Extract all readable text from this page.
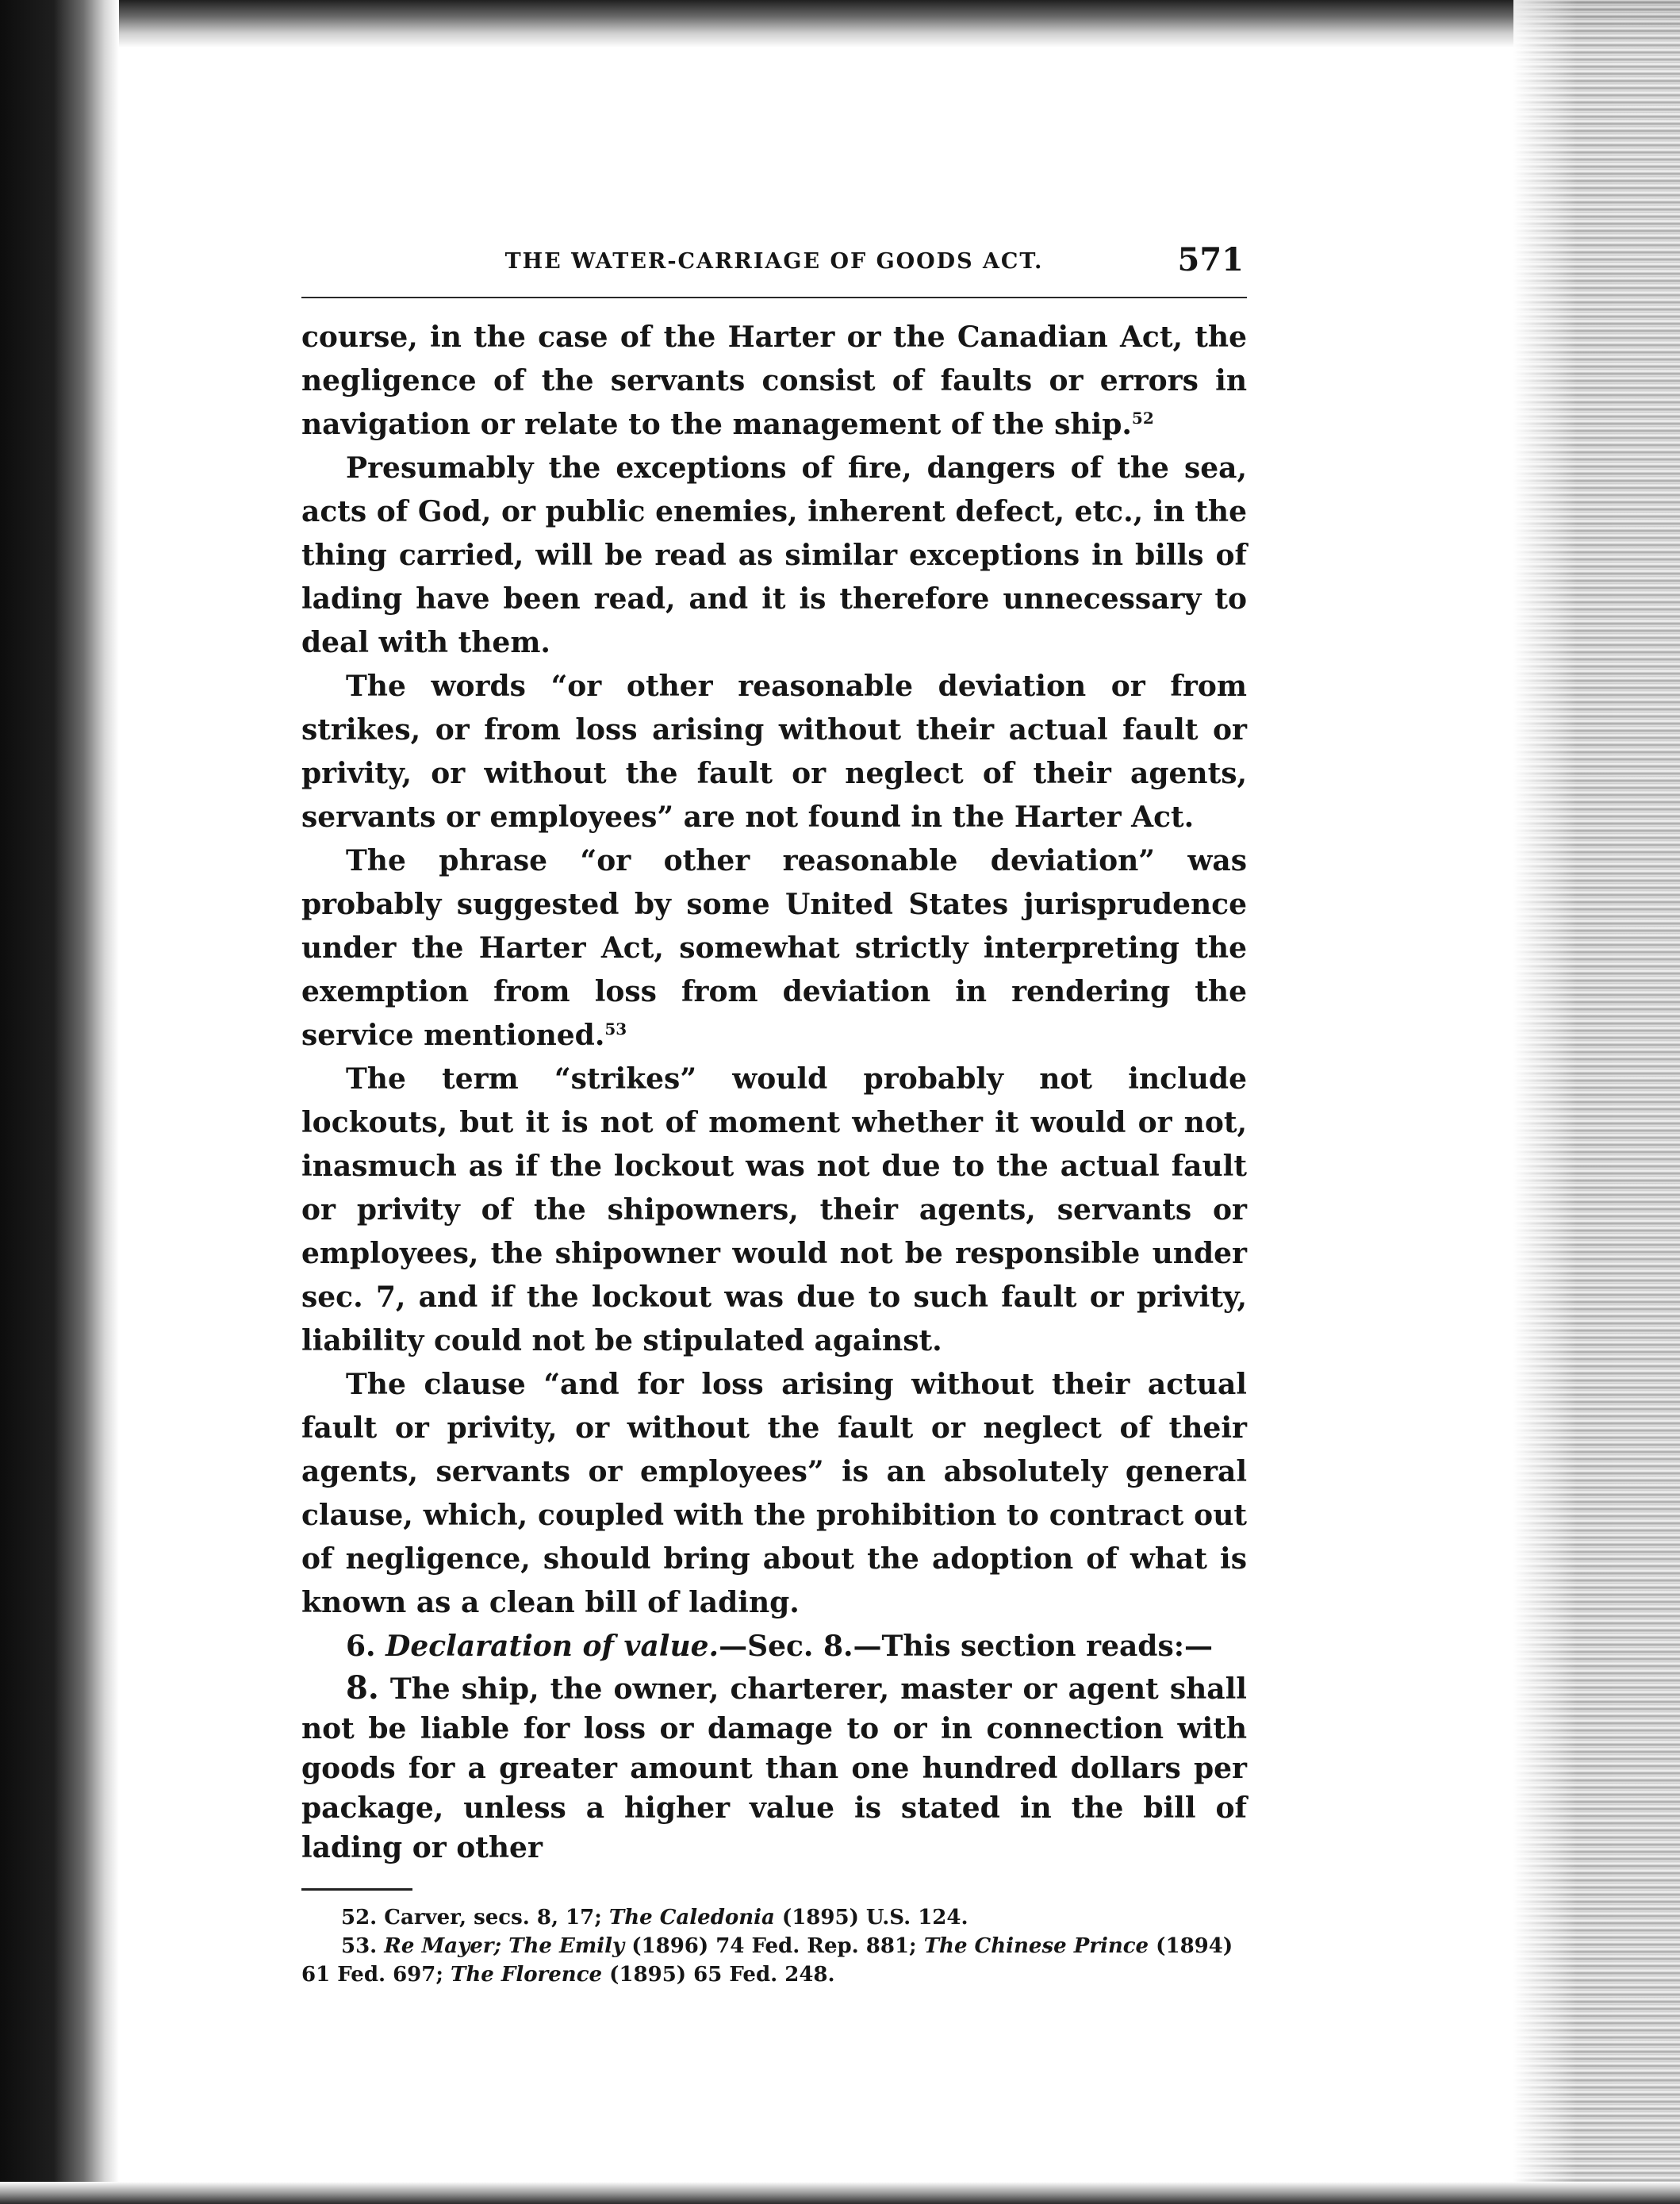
THE WATER-CARRIAGE OF GOODS ACT.	571

course, in the case of the Harter or the Canadian Act, the negligence of the servants consist of faults or errors in navigation or relate to the management of the ship.$^{52}$

Presumably the exceptions of fire, dangers of the sea, acts of God, or public enemies, inherent defect, etc., in the thing carried, will be read as similar exceptions in bills of lading have been read, and it is therefore unnecessary to deal with them.

The words “or other reasonable deviation or from strikes, or from loss arising without their actual fault or privity, or without the fault or neglect of their agents, servants or employees” are not found in the Harter Act.

The phrase “or other reasonable deviation” was probably suggested by some United States jurisprudence under the Harter Act, somewhat strictly interpreting the exemption from loss from deviation in rendering the service mentioned.$^{53}$

The term “strikes” would probably not include lockouts, but it is not of moment whether it would or not, inasmuch as if the lockout was not due to the actual fault or privity of the shipowners, their agents, servants or employees, the shipowner would not be responsible under sec. 7, and if the lockout was due to such fault or privity, liability could not be stipulated against.

The clause “and for loss arising without their actual fault or privity, or without the fault or neglect of their agents, servants or employees” is an absolutely general clause, which, coupled with the prohibition to contract out of negligence, should bring about the adoption of what is known as a clean bill of lading.

6. Declaration of value.—Sec. 8.—This section reads:—

8. The ship, the owner, charterer, master or agent shall not be liable for loss or damage to or in connection with goods for a greater amount than one hundred dollars per package, unless a higher value is stated in the bill of lading or other

52. Carver, secs. 8, 17; The Caledonia (1895) U.S. 124.

53. Re Mayer; The Emily (1896) 74 Fed. Rep. 881; The Chinese Prince (1894) 61 Fed. 697; The Florence (1895) 65 Fed. 248.
